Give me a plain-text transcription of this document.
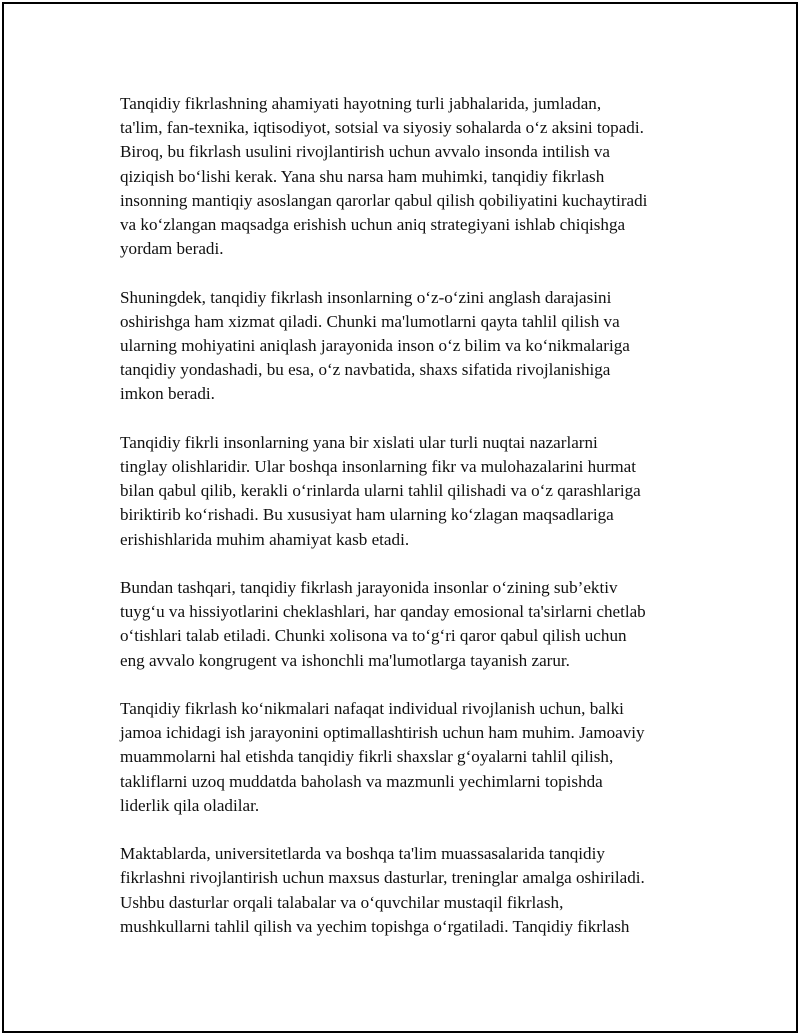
Tanqidiy fikrlashning ahamiyati hayotning turli jabhalarida, jumladan,
ta'lim, fan-texnika, iqtisodiyot, sotsial va siyosiy sohalarda o‘z aksini topadi.
Biroq, bu fikrlash usulini rivojlantirish uchun avvalo insonda intilish va
qiziqish bo‘lishi kerak. Yana shu narsa ham muhimki, tanqidiy fikrlash
insonning mantiqiy asoslangan qarorlar qabul qilish qobiliyatini kuchaytiradi
va ko‘zlangan maqsadga erishish uchun aniq strategiyani ishlab chiqishga
yordam beradi.

Shuningdek, tanqidiy fikrlash insonlarning o‘z-o‘zini anglash darajasini
oshirishga ham xizmat qiladi. Chunki ma'lumotlarni qayta tahlil qilish va
ularning mohiyatini aniqlash jarayonida inson o‘z bilim va ko‘nikmalariga
tanqidiy yondashadi, bu esa, o‘z navbatida, shaxs sifatida rivojlanishiga
imkon beradi.

Tanqidiy fikrli insonlarning yana bir xislati ular turli nuqtai nazarlarni
tinglay olishlaridir. Ular boshqa insonlarning fikr va mulohazalarini hurmat
bilan qabul qilib, kerakli o‘rinlarda ularni tahlil qilishadi va o‘z qarashlariga
biriktirib ko‘rishadi. Bu xususiyat ham ularning ko‘zlagan maqsadlariga
erishishlarida muhim ahamiyat kasb etadi.

Bundan tashqari, tanqidiy fikrlash jarayonida insonlar o‘zining sub’ektiv
tuyg‘u va hissiyotlarini cheklashlari, har qanday emosional ta'sirlarni chetlab
o‘tishlari talab etiladi. Chunki xolisona va to‘g‘ri qaror qabul qilish uchun
eng avvalo kongrugent va ishonchli ma'lumotlarga tayanish zarur.

Tanqidiy fikrlash ko‘nikmalari nafaqat individual rivojlanish uchun, balki
jamoa ichidagi ish jarayonini optimallashtirish uchun ham muhim. Jamoaviy
muammolarni hal etishda tanqidiy fikrli shaxslar g‘oyalarni tahlil qilish,
takliflarni uzoq muddatda baholash va mazmunli yechimlarni topishda
liderlik qila oladilar.

Maktablarda, universitetlarda va boshqa ta'lim muassasalarida tanqidiy
fikrlashni rivojlantirish uchun maxsus dasturlar, treninglar amalga oshiriladi.
Ushbu dasturlar orqali talabalar va o‘quvchilar mustaqil fikrlash,
mushkullarni tahlil qilish va yechim topishga o‘rgatiladi. Tanqidiy fikrlash
